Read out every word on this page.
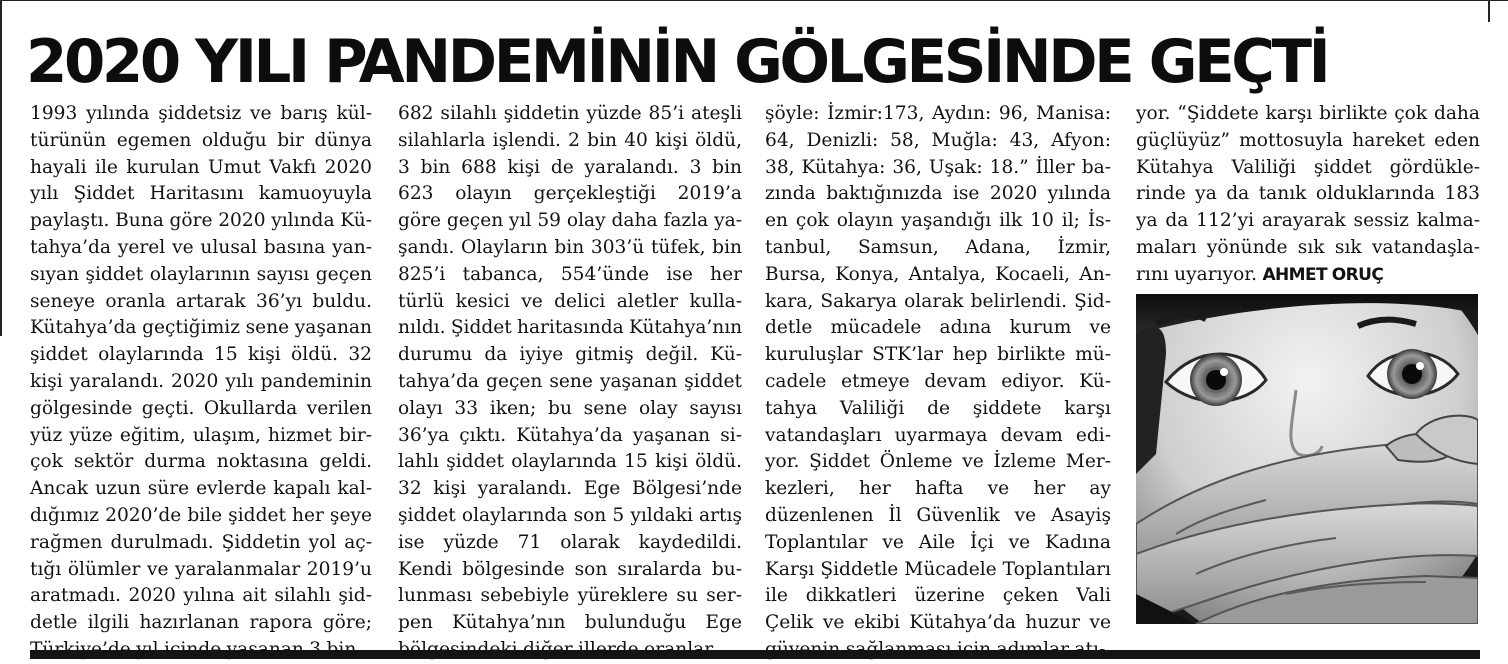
2020 YILI PANDEMİNİN GÖLGESİNDE GEÇTİ
1993 yılında şiddetsiz ve barış kül-
türünün egemen olduğu bir dünya
hayali ile kurulan Umut Vakfı 2020
yılı Şiddet Haritasını kamuoyuyla
paylaştı. Buna göre 2020 yılında Kü-
tahya’da yerel ve ulusal basına yan-
sıyan şiddet olaylarının sayısı geçen
seneye oranla artarak 36’yı buldu.
Kütahya’da geçtiğimiz sene yaşanan
şiddet olaylarında 15 kişi öldü. 32
kişi yaralandı. 2020 yılı pandeminin
gölgesinde geçti. Okullarda verilen
yüz yüze eğitim, ulaşım, hizmet bir-
çok sektör durma noktasına geldi.
Ancak uzun süre evlerde kapalı kal-
dığımız 2020’de bile şiddet her şeye
rağmen durulmadı. Şiddetin yol aç-
tığı ölümler ve yaralanmalar 2019’u
aratmadı. 2020 yılına ait silahlı şid-
detle ilgili hazırlanan rapora göre;
682 silahlı şiddetin yüzde 85’i ateşli
silahlarla işlendi. 2 bin 40 kişi öldü,
3 bin 688 kişi de yaralandı. 3 bin
623 olayın gerçekleştiği 2019’a
göre geçen yıl 59 olay daha fazla ya-
şandı. Olayların bin 303’ü tüfek, bin
825’i tabanca, 554’ünde ise her
türlü kesici ve delici aletler kulla-
nıldı. Şiddet haritasında Kütahya’nın
durumu da iyiye gitmiş değil. Kü-
tahya’da geçen sene yaşanan şiddet
olayı 33 iken; bu sene olay sayısı
36’ya çıktı. Kütahya’da yaşanan si-
lahlı şiddet olaylarında 15 kişi öldü.
32 kişi yaralandı. Ege Bölgesi’nde
şiddet olaylarında son 5 yıldaki artış
ise yüzde 71 olarak kaydedildi.
Kendi bölgesinde son sıralarda bu-
lunması sebebiyle yüreklere su ser-
pen Kütahya’nın bulunduğu Ege
şöyle: İzmir:173, Aydın: 96, Manisa:
64, Denizli: 58, Muğla: 43, Afyon:
38, Kütahya: 36, Uşak: 18.” İller ba-
zında baktığınızda ise 2020 yılında
en çok olayın yaşandığı ilk 10 il; İs-
tanbul, Samsun, Adana, İzmir,
Bursa, Konya, Antalya, Kocaeli, An-
kara, Sakarya olarak belirlendi. Şid-
detle mücadele adına kurum ve
kuruluşlar STK’lar hep birlikte mü-
cadele etmeye devam ediyor. Kü-
tahya Valiliği de şiddete karşı
vatandaşları uyarmaya devam edi-
yor. Şiddet Önleme ve İzleme Mer-
kezleri, her hafta ve her ay
düzenlenen İl Güvenlik ve Asayiş
Toplantılar ve Aile İçi ve Kadına
Karşı Şiddetle Mücadele Toplantıları
ile dikkatleri üzerine çeken Vali
Çelik ve ekibi Kütahya’da huzur ve
yor. “Şiddete karşı birlikte çok daha
güçlüyüz” mottosuyla hareket eden
Kütahya Valiliği şiddet gördükle-
rinde ya da tanık olduklarında 183
ya da 112’yi arayarak sessiz kalma-
maları yönünde sık sık vatandaşla-
rını uyarıyor. AHMET ORUÇ
